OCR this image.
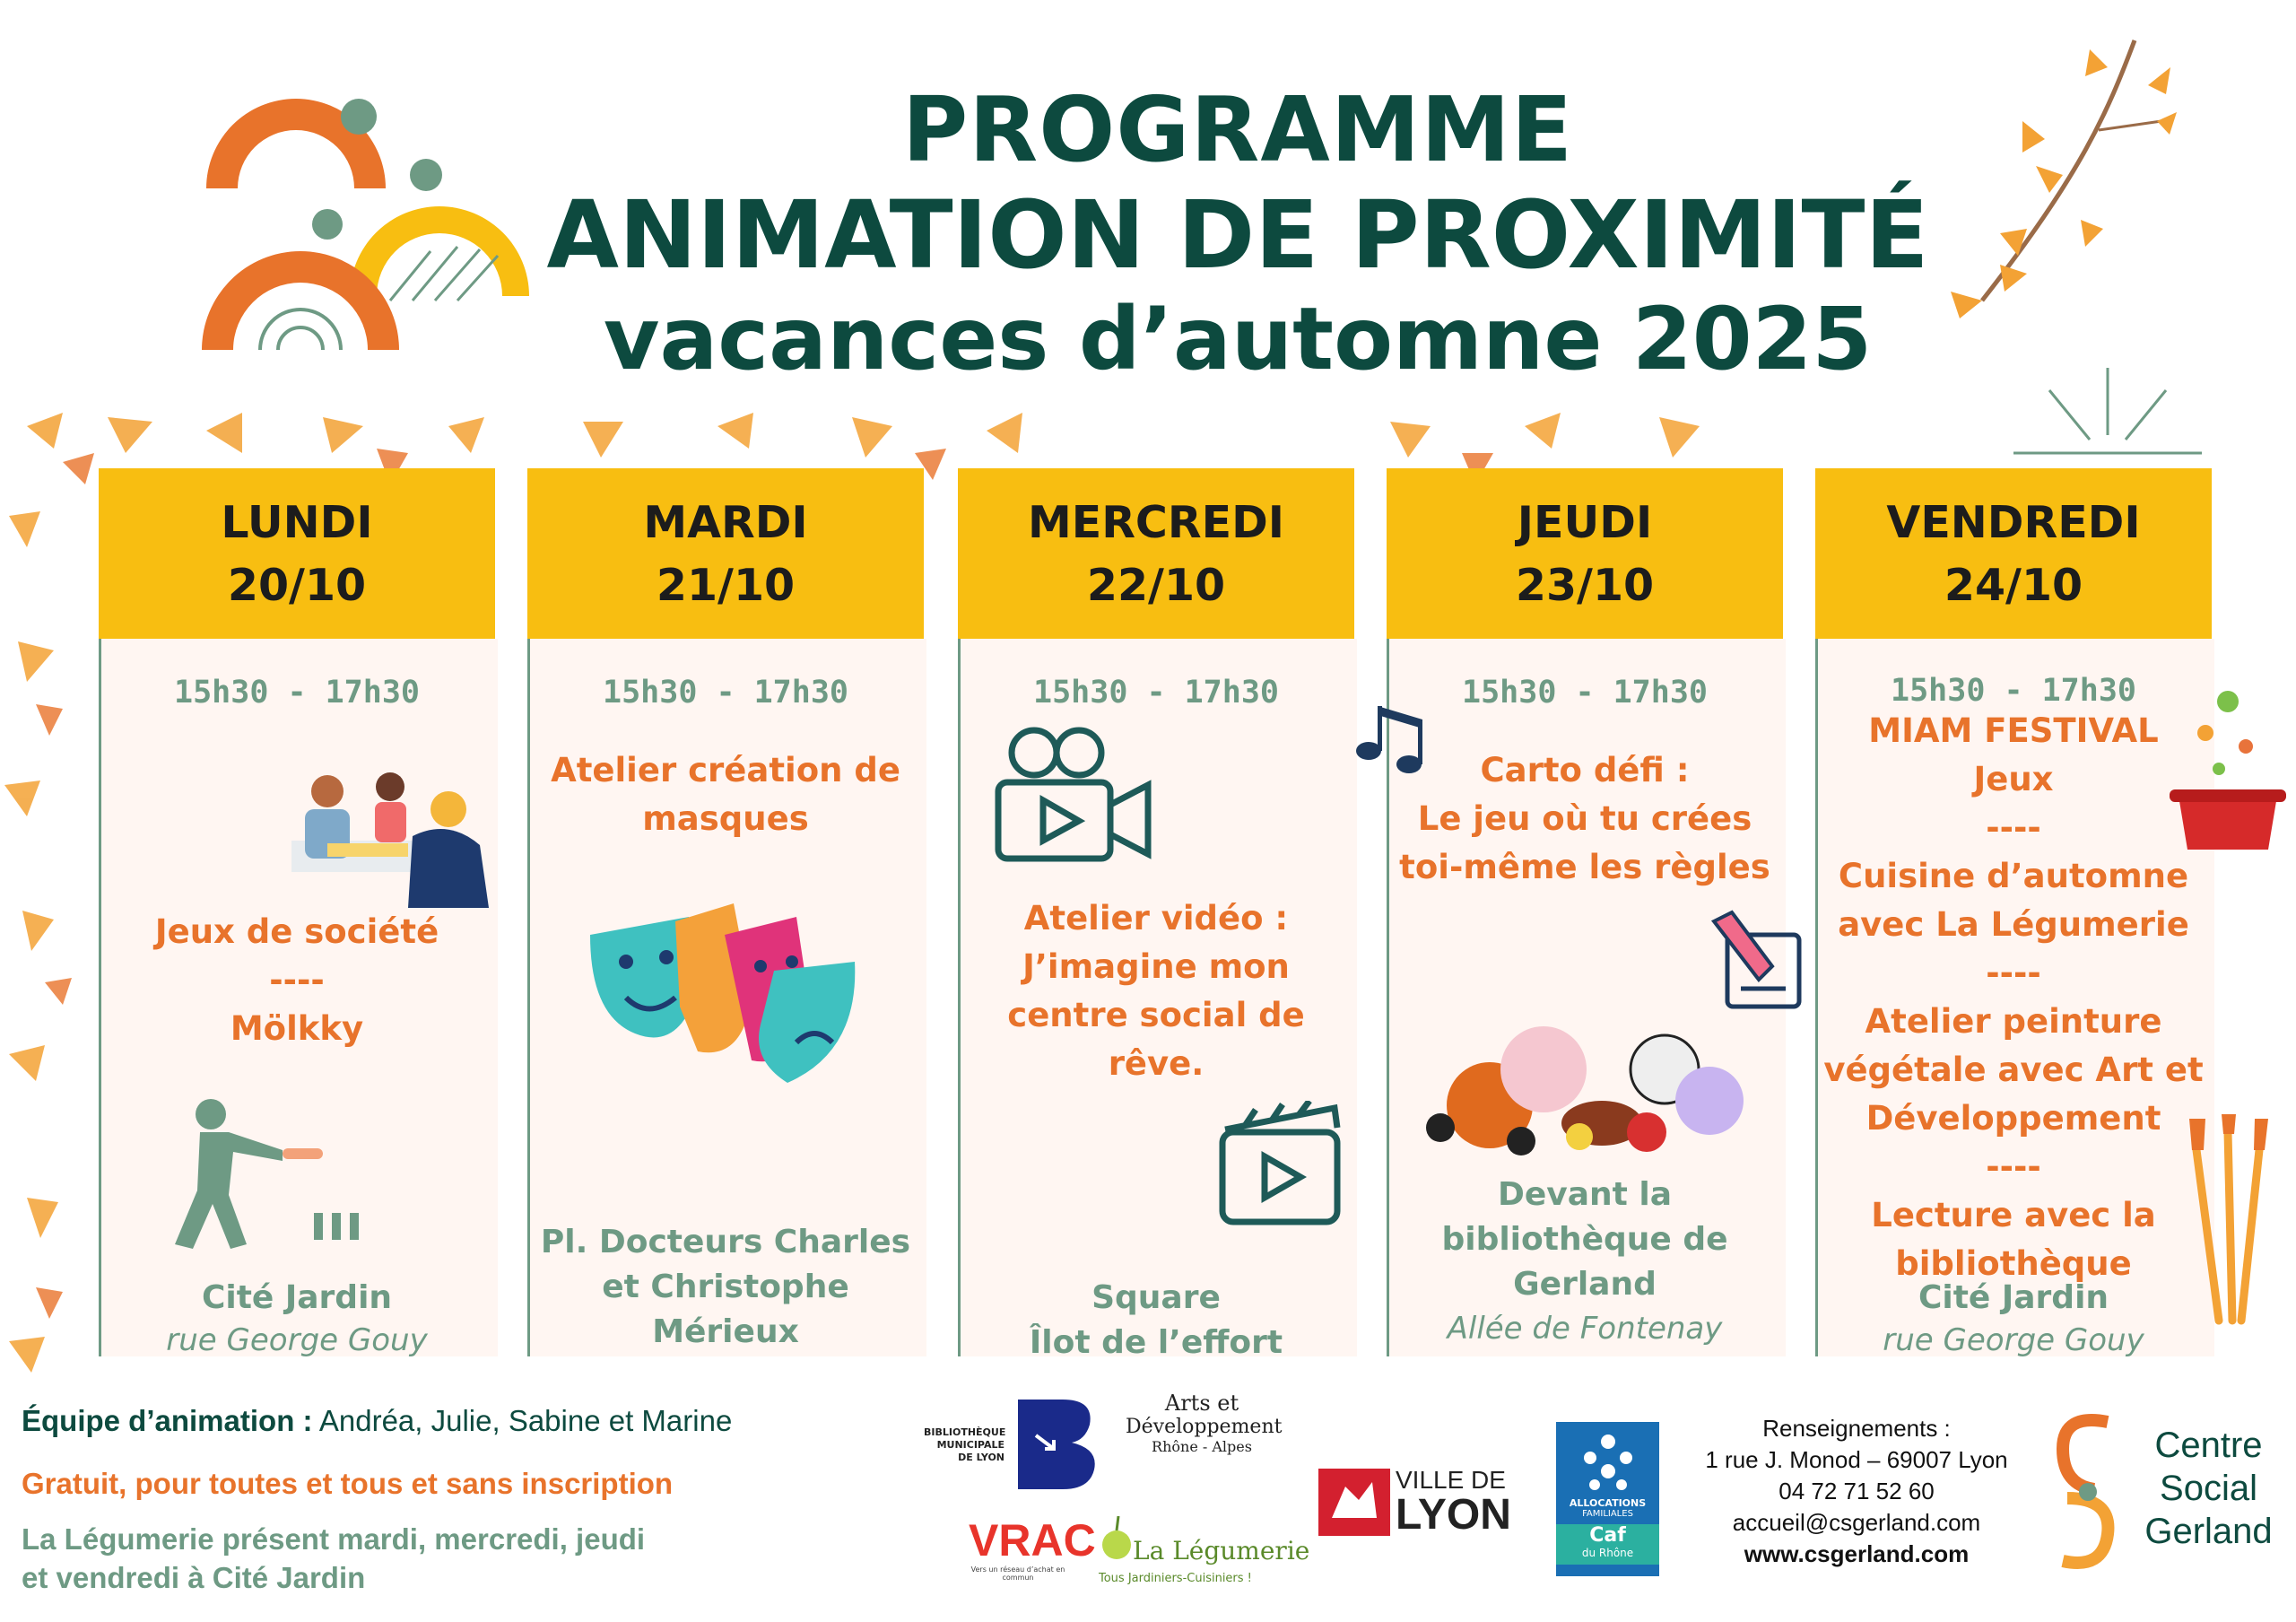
PROGRAMME
ANIMATION DE PROXIMITÉ
vacances d’automne 2025
LUNDI
20/10
15h30 - 17h30
Jeux de société
----
Mölkky
Cité Jardin
rue George Gouy
MARDI
21/10
15h30 - 17h30
Atelier création de
masques
Pl. Docteurs Charles
et Christophe
Mérieux
MERCREDI
22/10
15h30 - 17h30
Atelier vidéo :
J’imagine mon
centre social de
rêve.
Square
Îlot de l’effort
JEUDI
23/10
15h30 - 17h30
Carto défi :
Le jeu où tu crées
toi-même les règles
Devant la
bibliothèque de
Gerland
Allée de Fontenay
VENDREDI
24/10
15h30 - 17h30
MIAM FESTIVAL
Jeux
----
Cuisine d’automne
avec La Légumerie
----
Atelier peinture
végétale avec Art et
Développement
----
Lecture avec la
bibliothèque
Cité Jardin
rue George Gouy
Équipe d’animation : Andréa, Julie, Sabine et Marine
Gratuit, pour toutes et tous et sans inscription
La Légumerie présent mardi, mercredi, jeudi
et vendredi à Cité Jardin
BIBLIOTHÈQUE
MUNICIPALE
DE LYON
Arts et
Développement
Rhône - Alpes
VRAC
Vers un réseau d’achat en commun
La Légumerie
Tous Jardiniers-Cuisiniers !
VILLE DE
LYON	ALLOCATIONS
FAMILIALES
Caf
du Rhône
Renseignements :
1 rue J. Monod – 69007 Lyon
04 72 71 52 60
accueil@csgerland.com
www.csgerland.com
Centre
Social
Gerland
